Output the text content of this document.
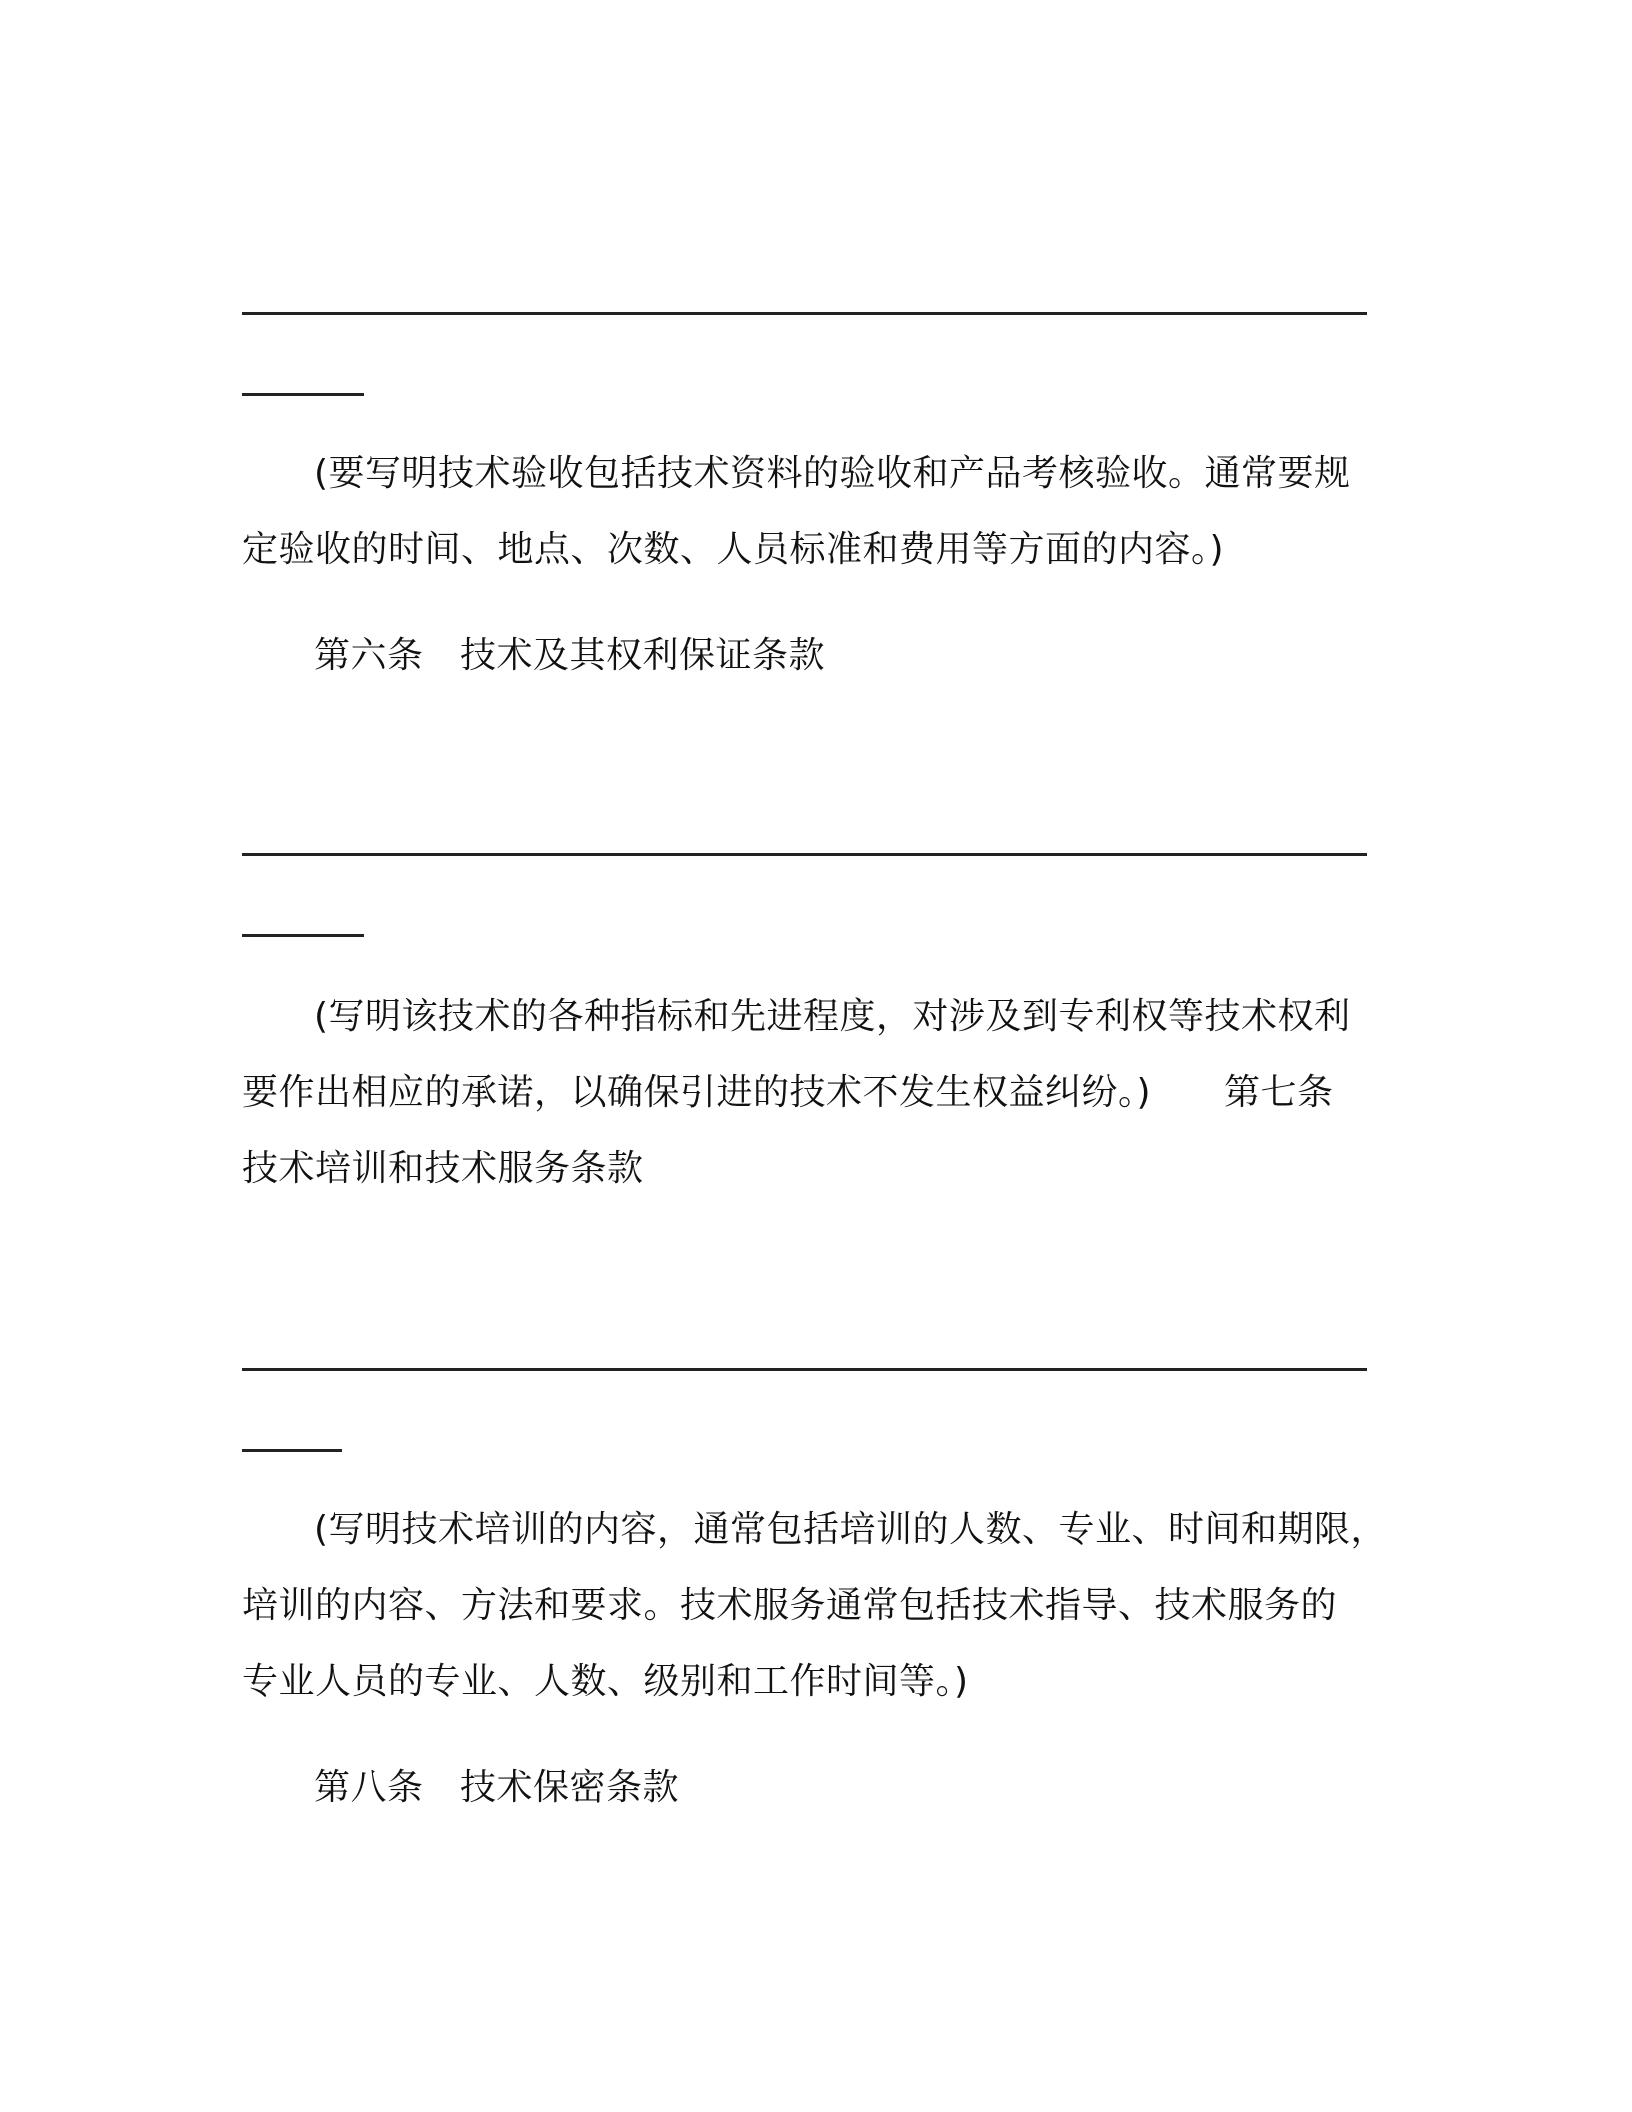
(要写明技术验收包括技术资料的验收和产品考核验收。通常要规
定验收的时间、地点、次数、人员标准和费用等方面的内容。)
第六条　技术及其权利保证条款
(写明该技术的各种指标和先进程度，对涉及到专利权等技术权利
要作出相应的承诺，以确保引进的技术不发生权益纠纷。)　　第七条
技术培训和技术服务条款
(写明技术培训的内容，通常包括培训的人数、专业、时间和期限，
培训的内容、方法和要求。技术服务通常包括技术指导、技术服务的
专业人员的专业、人数、级别和工作时间等。)
第八条　技术保密条款
